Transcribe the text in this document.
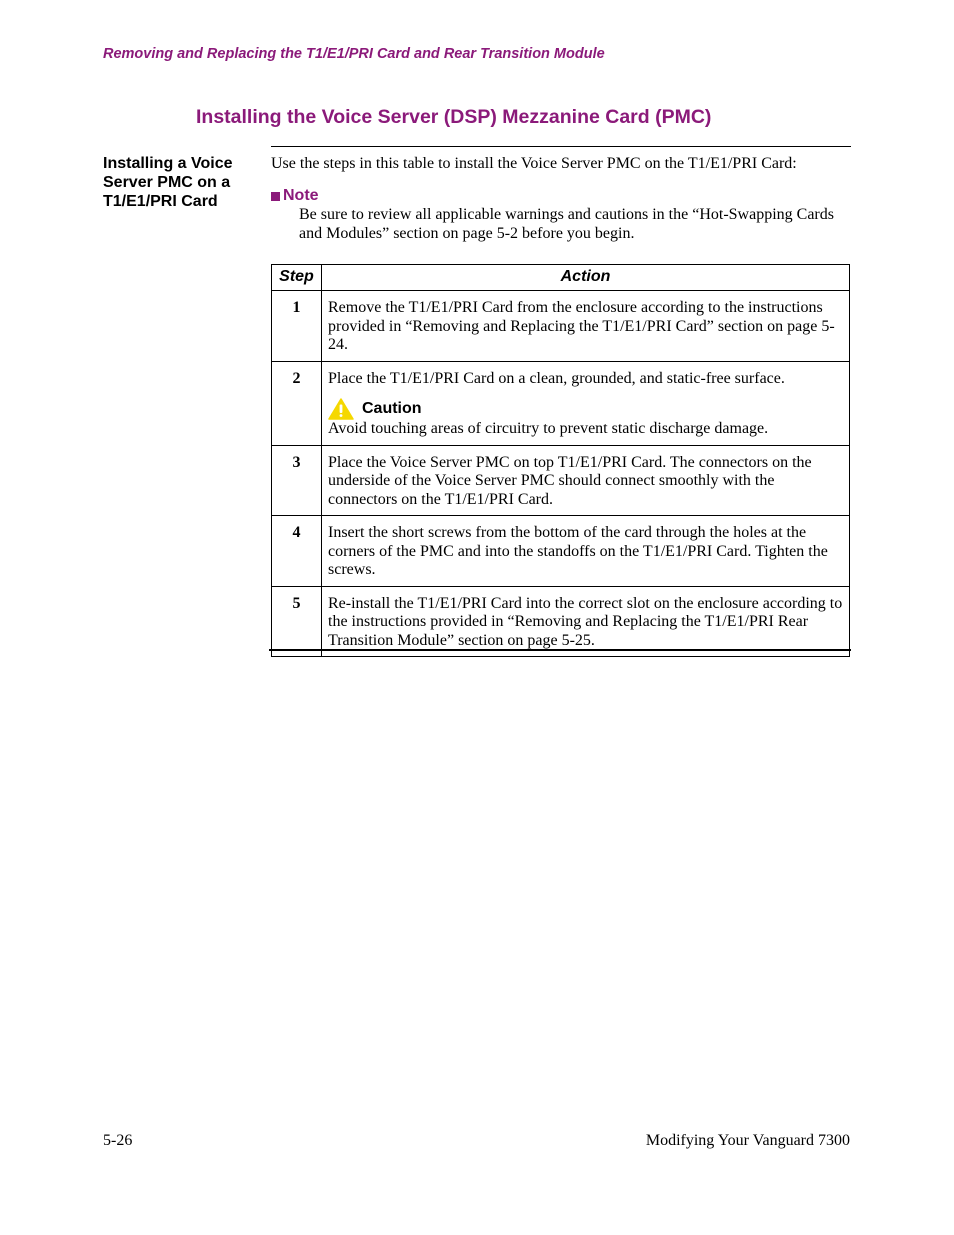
Removing and Replacing the T1/E1/PRI Card and Rear Transition Module
Installing the Voice Server (DSP) Mezzanine Card (PMC)
Installing a Voice Server PMC on a T1/E1/PRI Card
Use the steps in this table to install the Voice Server PMC on the T1/E1/PRI Card:
Note
Be sure to review all applicable warnings and cautions in the “Hot-Swapping Cards and Modules” section on page 5-2 before you begin.
Step	Action
1	Remove the T1/E1/PRI Card from the enclosure according to the instructions provided in “Removing and Replacing the T1/E1/PRI Card” section on page 5-24.
2	Place the T1/E1/PRI Card on a clean, grounded, and static-free surface.
Caution
Avoid touching areas of circuitry to prevent static discharge damage.

3	Place the Voice Server PMC on top T1/E1/PRI Card. The connectors on the underside of the Voice Server PMC should connect smoothly with the connectors on the T1/E1/PRI Card.
4	Insert the short screws from the bottom of the card through the holes at the corners of the PMC and into the standoffs on the T1/E1/PRI Card. Tighten the screws.
5	Re-install the T1/E1/PRI Card into the correct slot on the enclosure according to the instructions provided in “Removing and Replacing the T1/E1/PRI Rear Transition Module” section on page 5-25.
5-26	Modifying Your Vanguard 7300
